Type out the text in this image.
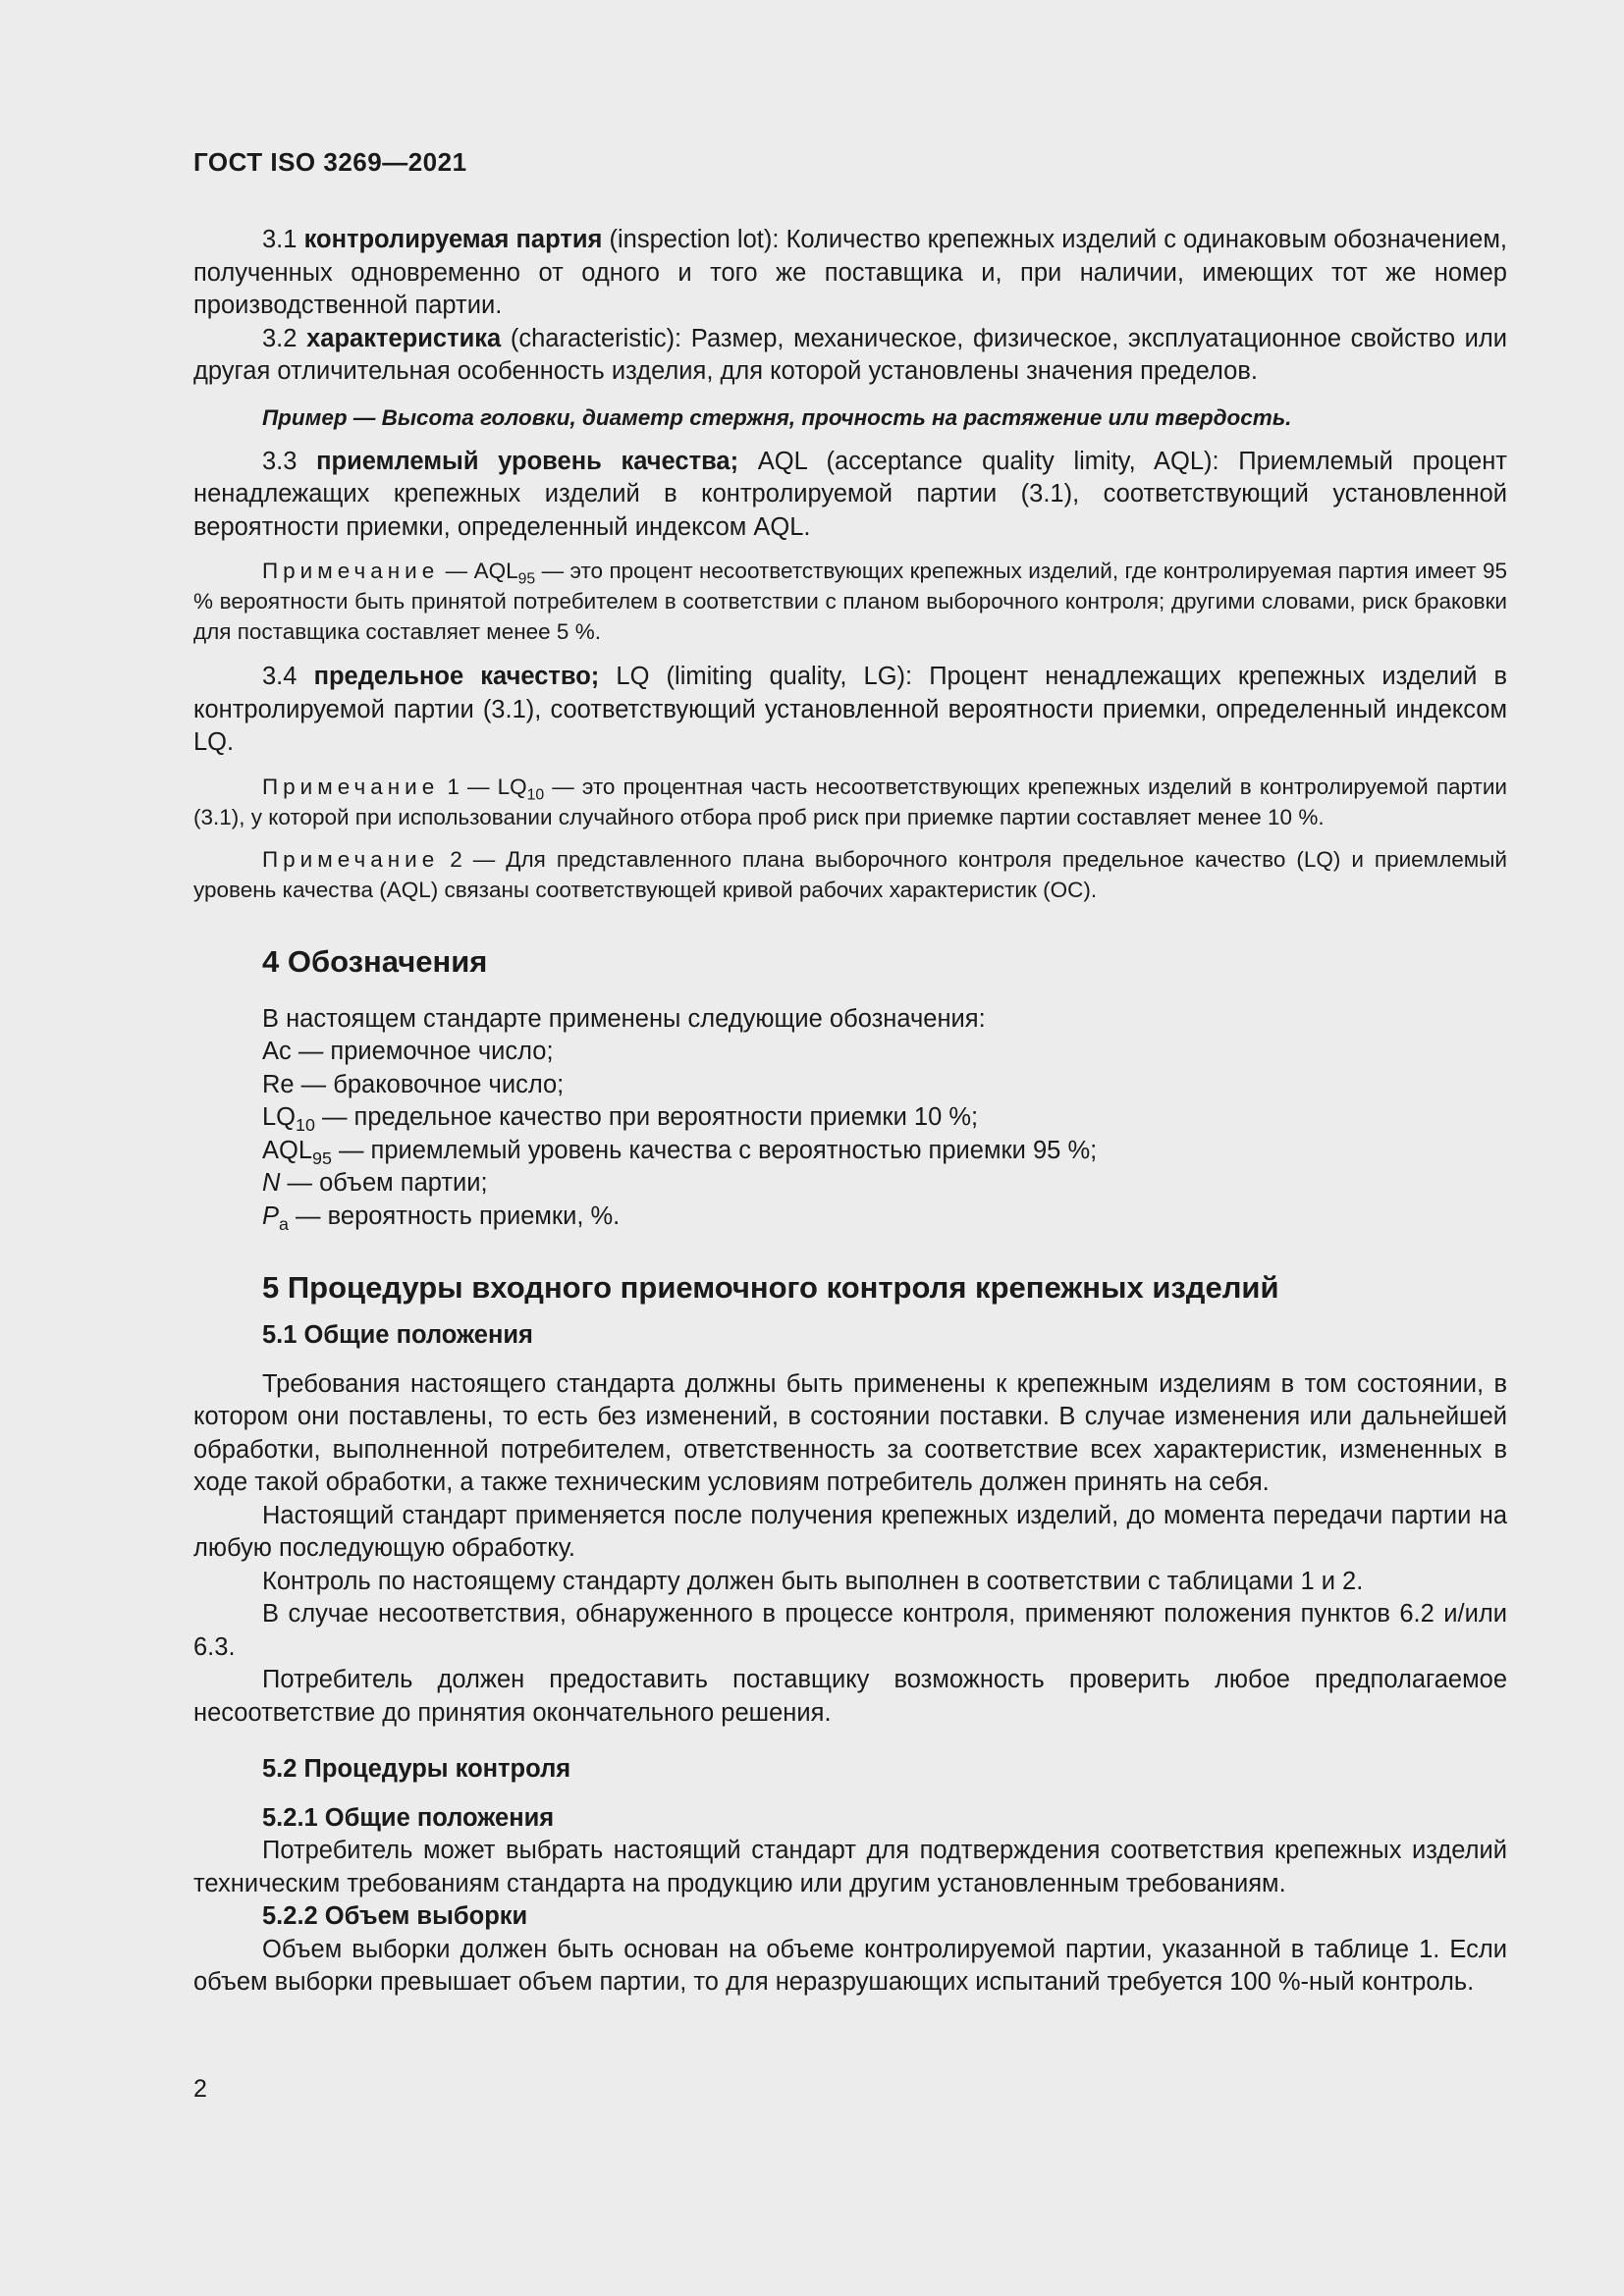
ГОСТ ISO 3269—2021

3.1 контролируемая партия (inspection lot): Количество крепежных изделий с одинаковым обозначением, полученных одновременно от одного и того же поставщика и, при наличии, имеющих тот же номер производственной партии.

3.2 характеристика (characteristic): Размер, механическое, физическое, эксплуатационное свойство или другая отличительная особенность изделия, для которой установлены значения пределов.

Пример — Высота головки, диаметр стержня, прочность на растяжение или твердость.

3.3 приемлемый уровень качества; AQL (acceptance quality limity, AQL): Приемлемый процент ненадлежащих крепежных изделий в контролируемой партии (3.1), соответствующий установленной вероятности приемки, определенный индексом AQL.

Примечание — $AQL_{95}$ — это процент несоответствующих крепежных изделий, где контролируемая партия имеет 95 % вероятности быть принятой потребителем в соответствии с планом выборочного контроля; другими словами, риск браковки для поставщика составляет менее 5 %.

3.4 предельное качество; LQ (limiting quality, LG): Процент ненадлежащих крепежных изделий в контролируемой партии (3.1), соответствующий установленной вероятности приемки, определенный индексом LQ.

Примечание 1 — $LQ_{10}$ — это процентная часть несоответствующих крепежных изделий в контролируемой партии (3.1), у которой при использовании случайного отбора проб риск при приемке партии составляет менее 10 %.

Примечание 2 — Для представленного плана выборочного контроля предельное качество (LQ) и приемлемый уровень качества (AQL) связаны соответствующей кривой рабочих характеристик (OC).

4 Обозначения
В настоящем стандарте применены следующие обозначения:
Ac — приемочное число;
Re — браковочное число;
$LQ_{10}$ — предельное качество при вероятности приемки 10 %;
$AQL_{95}$ — приемлемый уровень качества с вероятностью приемки 95 %;
N — объем партии;
$P_a$ — вероятность приемки, %.
5 Процедуры входного приемочного контроля крепежных изделий
5.1 Общие положения

Требования настоящего стандарта должны быть применены к крепежным изделиям в том состоянии, в котором они поставлены, то есть без изменений, в состоянии поставки. В случае изменения или дальнейшей обработки, выполненной потребителем, ответственность за соответствие всех характеристик, измененных в ходе такой обработки, а также техническим условиям потребитель должен принять на себя.

Настоящий стандарт применяется после получения крепежных изделий, до момента передачи партии на любую последующую обработку.

Контроль по настоящему стандарту должен быть выполнен в соответствии с таблицами 1 и 2.

В случае несоответствия, обнаруженного в процессе контроля, применяют положения пунктов 6.2 и/или 6.3.

Потребитель должен предоставить поставщику возможность проверить любое предполагаемое несоответствие до принятия окончательного решения.

5.2 Процедуры контроля
5.2.1 Общие положения

Потребитель может выбрать настоящий стандарт для подтверждения соответствия крепежных изделий техническим требованиям стандарта на продукцию или другим установленным требованиям.

5.2.2 Объем выборки

Объем выборки должен быть основан на объеме контролируемой партии, указанной в таблице 1. Если объем выборки превышает объем партии, то для неразрушающих испытаний требуется 100 %-ный контроль.

2
